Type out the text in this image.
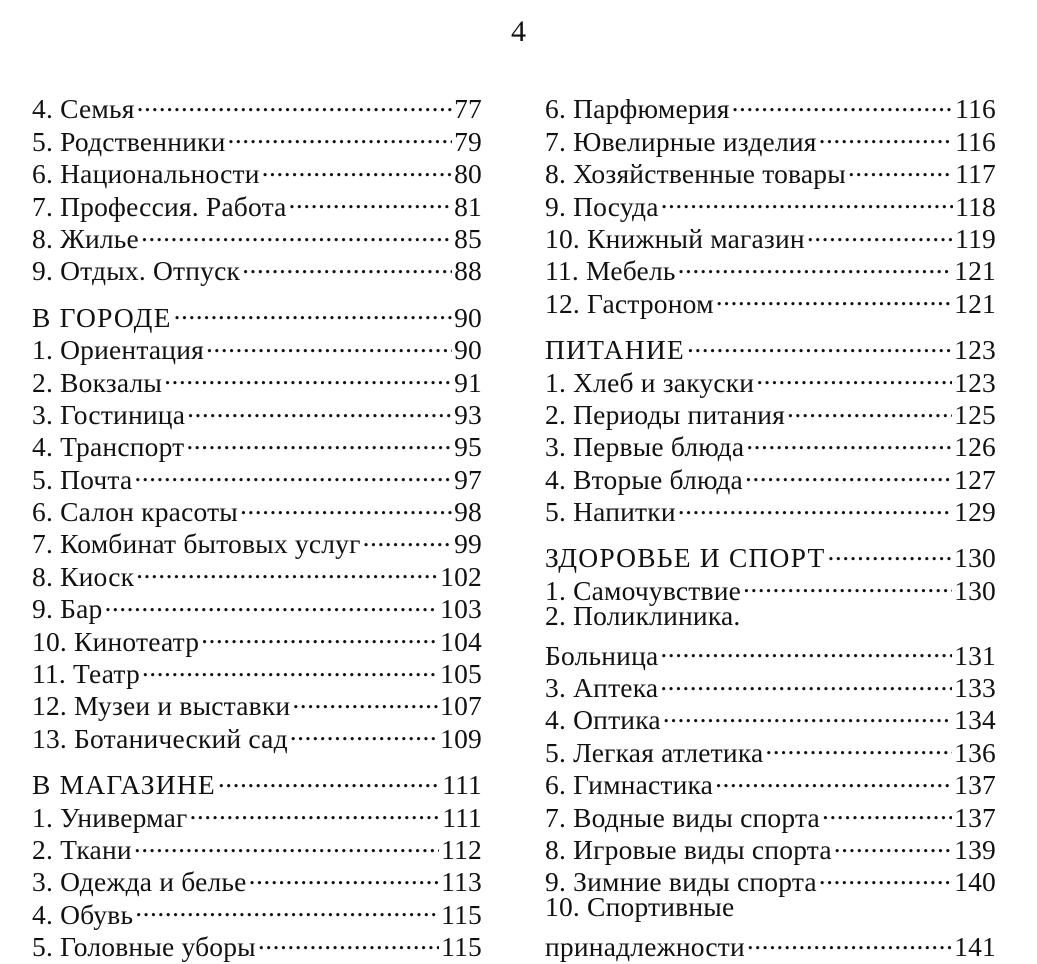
4
4. Семья .....	77
5. Родственники .....	79
6. Национальности .....	80
7. Профессия. Работа .....	81
8. Жилье .....	85
9. Отдых. Отпуск .....	88
В ГОРОДЕ .....	90
1. Ориентация .....	90
2. Вокзалы .....	91
3. Гостиница .....	93
4. Транспорт .....	95
5. Почта .....	97
6. Салон красоты .....	98
7. Комбинат бытовых услуг .....	99
8. Киоск .....	102
9. Бар .....	103
10. Кинотеатр .....	104
11. Театр .....	105
12. Музеи и выставки .....	107
13. Ботанический сад .....	109
В МАГАЗИНЕ .....	111
1. Универмаг .....	111
2. Ткани .....	112
3. Одежда и белье .....	113
4. Обувь .....	115
5. Головные уборы .....	115
6. Парфюмерия .....	116
7. Ювелирные изделия .....	116
8. Хозяйственные товары .....	117
9. Посуда .....	118
10. Книжный магазин .....	119
11. Мебель .....	121
12. Гастроном .....	121
ПИТАНИЕ .....	123
1. Хлеб и закуски .....	123
2. Периоды питания .....	125
3. Первые блюда .....	126
4. Вторые блюда .....	127
5. Напитки .....	129
ЗДОРОВЬЕ И СПОРТ .....	130
1. Самочувствие .....	130
2. Поликлиника.
Больница .....	131
3. Аптека .....	133
4. Оптика .....	134
5. Легкая атлетика .....	136
6. Гимнастика .....	137
7. Водные виды спорта .....	137
8. Игровые виды спорта .....	139
9. Зимние виды спорта .....	140
10. Спортивные
принадлежности .....	141
